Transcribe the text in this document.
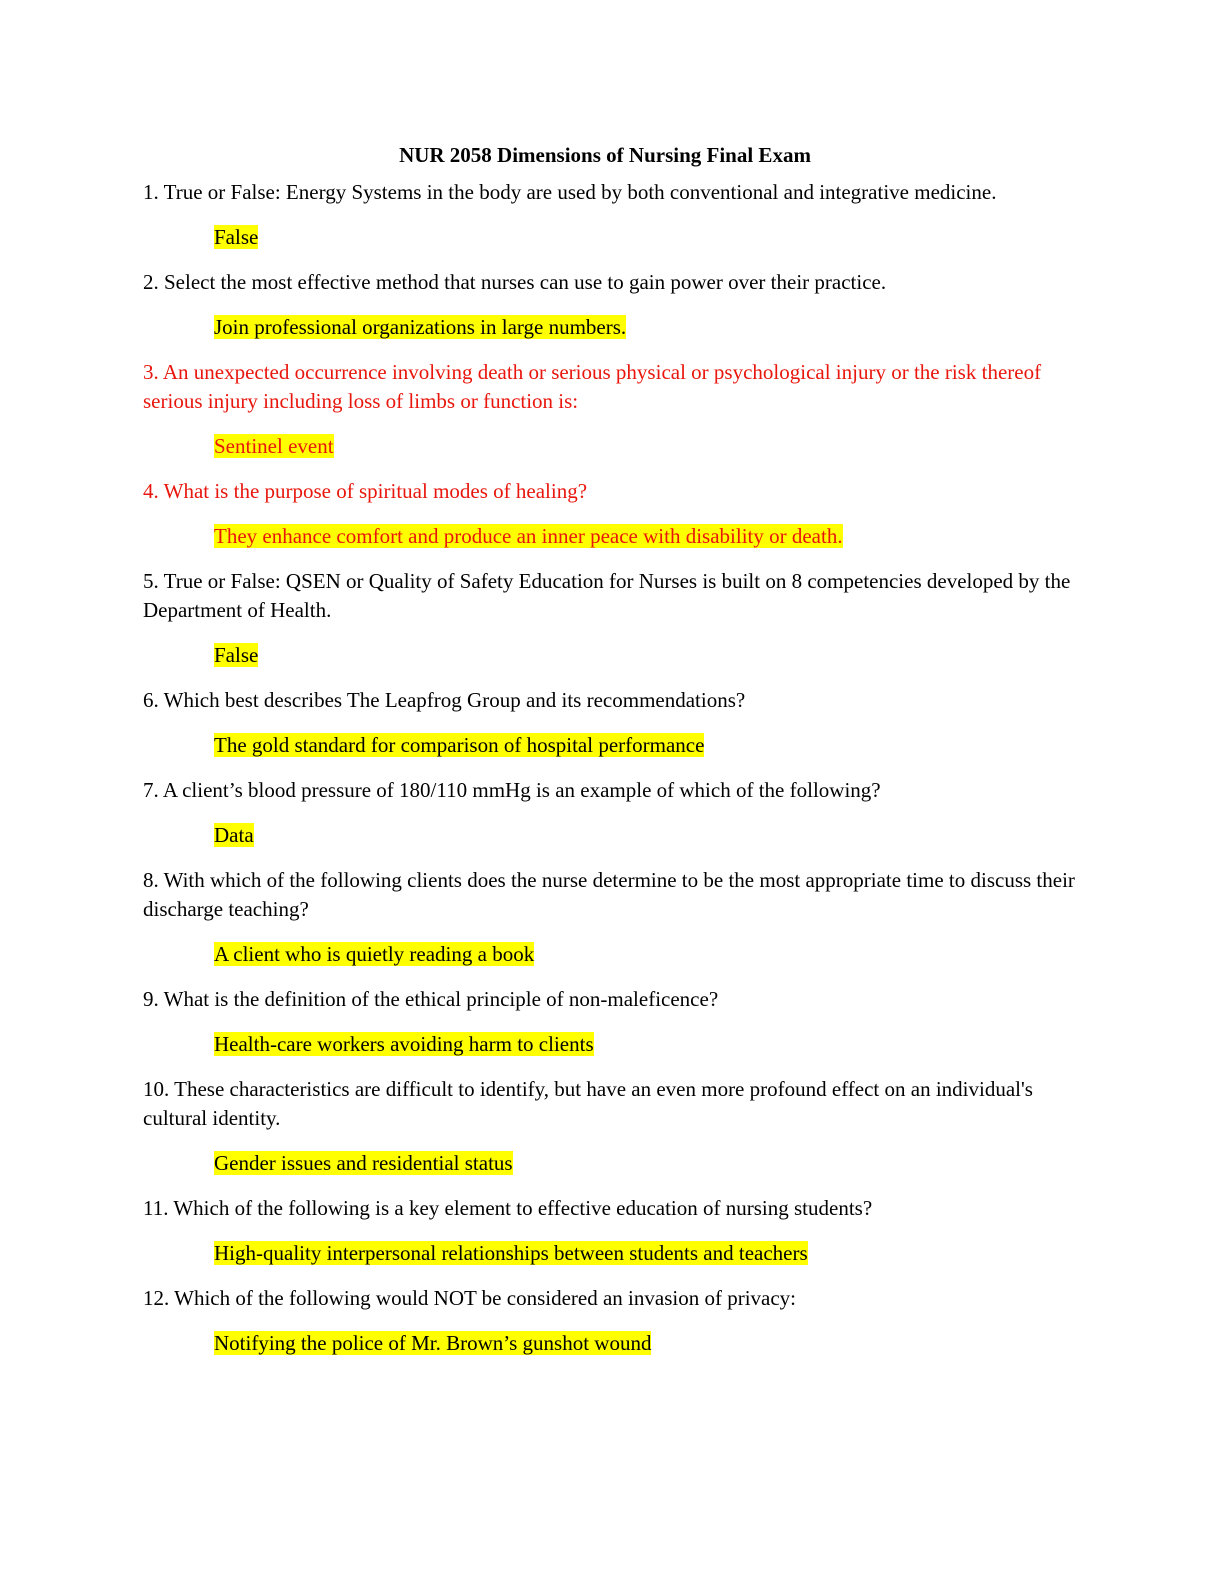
NUR 2058 Dimensions of Nursing Final Exam

1. True or False: Energy Systems in the body are used by both conventional and integrative medicine.

False

2. Select the most effective method that nurses can use to gain power over their practice.

Join professional organizations in large numbers.

3. An unexpected occurrence involving death or serious physical or psychological injury or the risk thereof serious injury including loss of limbs or function is:

Sentinel event

4. What is the purpose of spiritual modes of healing?

They enhance comfort and produce an inner peace with disability or death.

5. True or False: QSEN or Quality of Safety Education for Nurses is built on 8 competencies developed by the Department of Health.

False

6. Which best describes The Leapfrog Group and its recommendations?

The gold standard for comparison of hospital performance

7. A client’s blood pressure of 180/110 mmHg is an example of which of the following?

Data

8. With which of the following clients does the nurse determine to be the most appropriate time to discuss their discharge teaching?

A client who is quietly reading a book

9. What is the definition of the ethical principle of non-maleficence?

Health-care workers avoiding harm to clients

10. These characteristics are difficult to identify, but have an even more profound effect on an individual's cultural identity.

Gender issues and residential status

11. Which of the following is a key element to effective education of nursing students?

High-quality interpersonal relationships between students and teachers

12. Which of the following would NOT be considered an invasion of privacy:

Notifying the police of Mr. Brown’s gunshot wound
